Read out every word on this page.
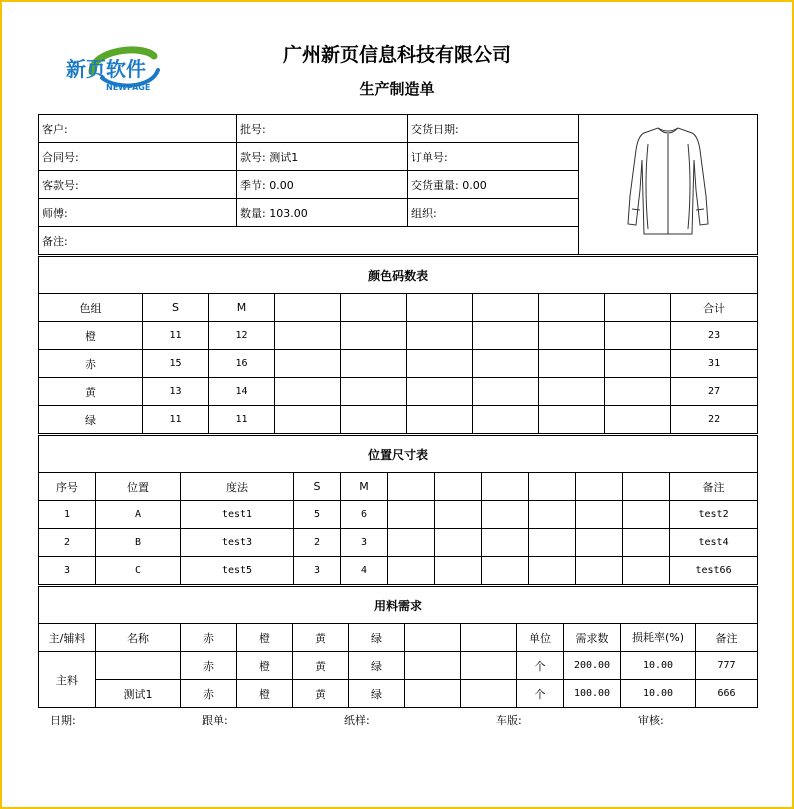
新页软件
NEWPAGE
广州新页信息科技有限公司
生产制造单
客户:	批号:	交货日期:	
合同号:	款号: 测试1	订单号:	
客款号:	季节: 0.00	交货重量: 0.00	
师傅:	数量: 103.00	组织:	
备注:			
颜色码数表									
色组	S	M							合计
橙	11	12							23
赤	15	16							31
黄	13	14							27
绿	11	11							22
位置尺寸表											
序号	位置	度法	S	M							备注
1	A	test1	5	6							test2
2	B	test3	2	3							test4
3	C	test5	3	4							test66
用料需求											
主/辅料	名称	赤	橙	黄	绿			单位	需求数	损耗率(%)	备注
主料		赤	橙	黄	绿			个	200.00	10.00	777
	测试1	赤	橙	黄	绿			个	100.00	10.00	666
日期:	跟单:	纸样:	车版:	审核:
